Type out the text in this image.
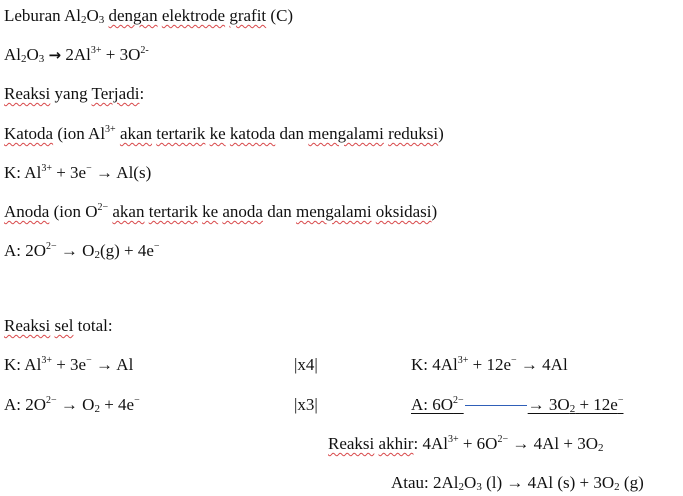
Leburan $Al_2O_3$ dengan elektrode grafit (C)
$Al_2O_3 \to 2Al^{3+} + 3O^{2-}$
Reaksi yang Terjadi:
Katoda (ion $Al^{3+}$ akan tertarik ke katoda dan mengalami reduksi)
K: $Al^{3+} + 3e^- \to Al(s)$
Anoda (ion $O^{2-}$ akan tertarik ke anoda dan mengalami oksidasi)
A: $2O^{2-} \to O_2(g) + 4e^-$
Reaksi sel total:
K: $Al^{3+} + 3e^- \to Al$	|x4|	K: $4Al^{3+} + 12e^- \to 4Al$
A: $2O^{2-} \to O_2 + 4e^-$	|x3|	A: $6O^{2-}$	→ $3O_2 + 12e^-$
Reaksi akhir: $4Al^{3+} + 6O^{2-} \to 4Al + 3O_2$
Atau: $2Al_2O_3$ (l) → 4Al $(s) + 3O_2$ (g)
